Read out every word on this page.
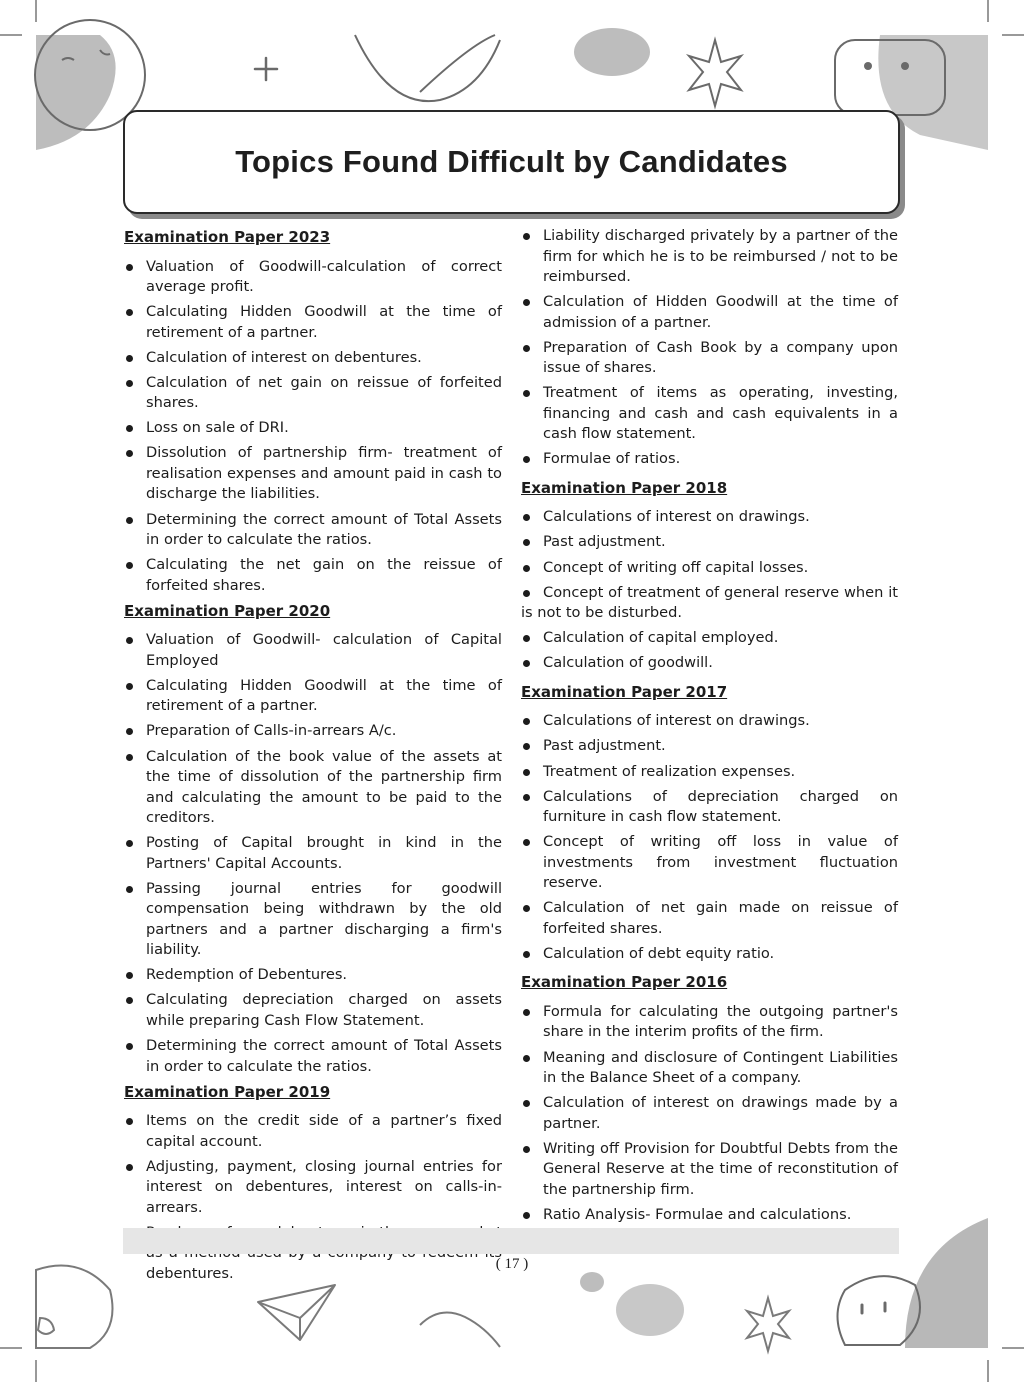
Topics Found Difficult by Candidates
Examination Paper 2023
Valuation of Goodwill-calculation of correct average profit.
Calculating Hidden Goodwill at the time of retirement of a partner.
Calculation of interest on debentures.
Calculation of net gain on reissue of forfeited shares.
Loss on sale of DRI.
Dissolution of partnership firm- treatment of realisation expenses and amount paid in cash to discharge the liabilities.
Determining the correct amount of Total Assets in order to calculate the ratios.
Calculating the net gain on the reissue of forfeited shares.
Examination Paper 2020
Valuation of Goodwill- calculation of Capital Employed
Calculating Hidden Goodwill at the time of retirement of a partner.
Preparation of Calls-in-arrears A/c.
Calculation of the book value of the assets at the time of dissolution of the partnership firm and calculating the amount to be paid to the creditors.
Posting of Capital brought in kind in the Partners' Capital Accounts.
Passing journal entries for goodwill compensation being withdrawn by the old partners and a partner discharging a firm's liability.
Redemption of Debentures.
Calculating depreciation charged on assets while preparing Cash Flow Statement.
Determining the correct amount of Total Assets in order to calculate the ratios.
Examination Paper 2019
Items on the credit side of a partner’s fixed capital account.
Adjusting, payment, closing journal entries for interest on debentures, interest on calls-in-arrears.
debentures.
Liability discharged privately by a partner of the firm for which he is to be reimbursed / not to be reimbursed.
Calculation of Hidden Goodwill at the time of admission of a partner.
Preparation of Cash Book by a company upon issue of shares.
Treatment of items as operating, investing, financing and cash and cash equivalents in a cash flow statement.
Formulae of ratios.
Examination Paper 2018
Calculations of interest on drawings.
Past adjustment.
Concept of writing off capital losses.
Concept of treatment of general reserve when it is not to be disturbed.
Calculation of capital employed.
Calculation of goodwill.
Examination Paper 2017
Calculations of interest on drawings.
Past adjustment.
Treatment of realization expenses.
Calculations of depreciation charged on furniture in cash flow statement.
Concept of writing off loss in value of investments from investment fluctuation reserve.
Calculation of net gain made on reissue of forfeited shares.
Calculation of debt equity ratio.
Examination Paper 2016
Formula for calculating the outgoing partner's share in the interim profits of the firm.
Meaning and disclosure of Contingent Liabilities in the Balance Sheet of a company.
Calculation of interest on drawings made by a partner.
Writing off Provision for Doubtful Debts from the General Reserve at the time of reconstitution of the partnership firm.
Ratio Analysis- Formulae and calculations.
( 17 )
